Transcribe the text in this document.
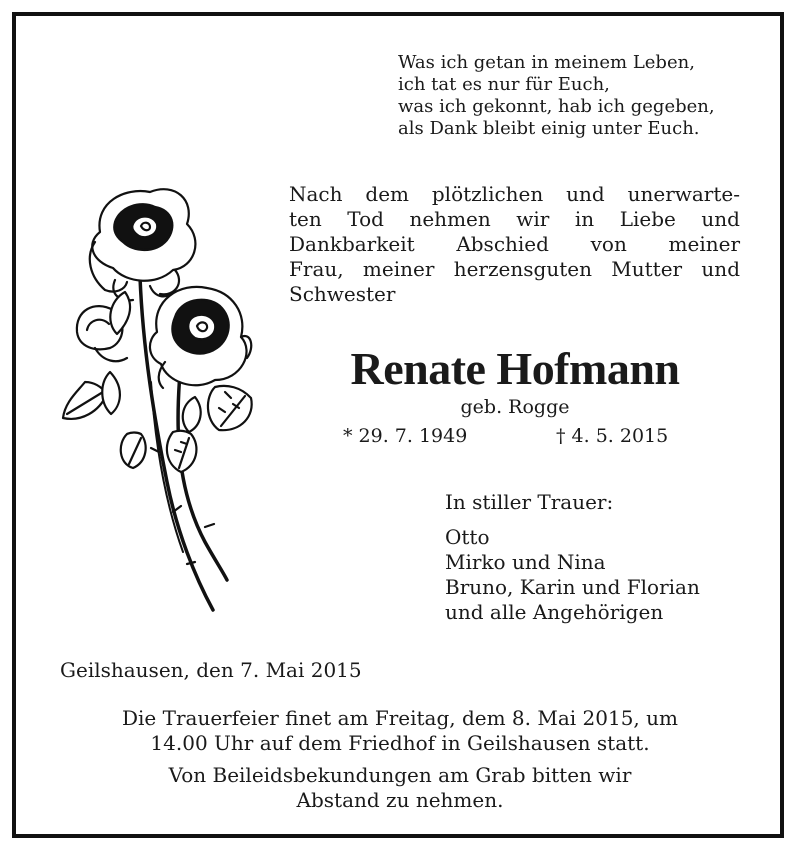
Was ich getan in meinem Leben,
ich tat es nur für Euch,
was ich gekonnt, hab ich gegeben,
als Dank bleibt einig unter Euch.
Nach dem plötzlichen und unerwarte-
ten Tod nehmen wir in Liebe und
Dankbarkeit Abschied von meiner
Frau, meiner herzensguten Mutter und
Schwester
Renate Hofmann
geb. Rogge
* 29. 7. 1949	† 4. 5. 2015
In stiller Trauer:
Otto
Mirko und Nina
Bruno, Karin und Florian
und alle Angehörigen
Geilshausen, den 7. Mai 2015
Die Trauerfeier finet am Freitag, dem 8. Mai 2015, um
14.00 Uhr auf dem Friedhof in Geilshausen statt.
Von Beileidsbekundungen am Grab bitten wir
Abstand zu nehmen.
